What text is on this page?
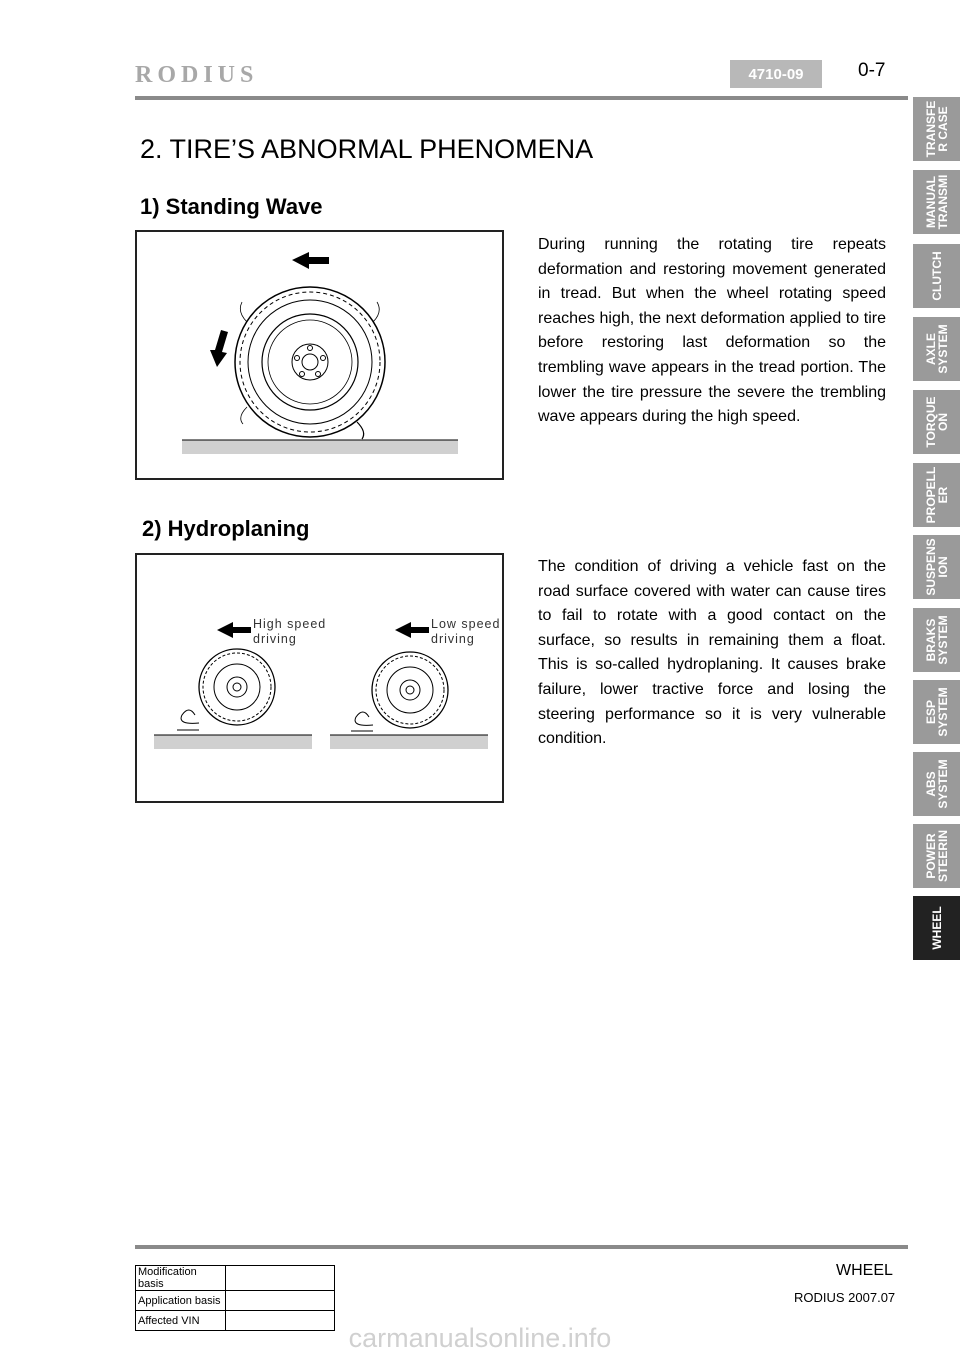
RODIUS	4710-09	0-7
2. TIRE’S ABNORMAL PHENOMENA
1) Standing Wave
During running the rotating tire repeats deformation and restoring movement generated in tread. But when the wheel rotating speed reaches high, the next deformation applied to tire before restoring last deformation so the trembling wave appears in the tread portion. The lower the tire pressure the severe the trembling wave appears during the high speed.
2) Hydroplaning
High speed
driving
Low speed
driving
The condition of driving a vehicle fast on the road surface covered with water can cause tires to fail to rotate with a good contact on the surface, so results in remaining them a float. This is so-called hydroplaning. It causes brake failure, lower tractive force and losing the steering performance so it is very vulnerable condition.
TRANSFE
R CASE
MANUAL
TRANSMI
CLUTCH
AXLE
SYSTEM
TORQUE
ON
PROPELL
ER
SUSPENS
ION
BRAKS
SYSTEM
ESP
SYSTEM
ABS
SYSTEM
POWER
STEERIN
WHEEL
WHEEL
RODIUS 2007.07
Modification basis	
Application basis	
Affected VIN	
carmanualsonline.info
